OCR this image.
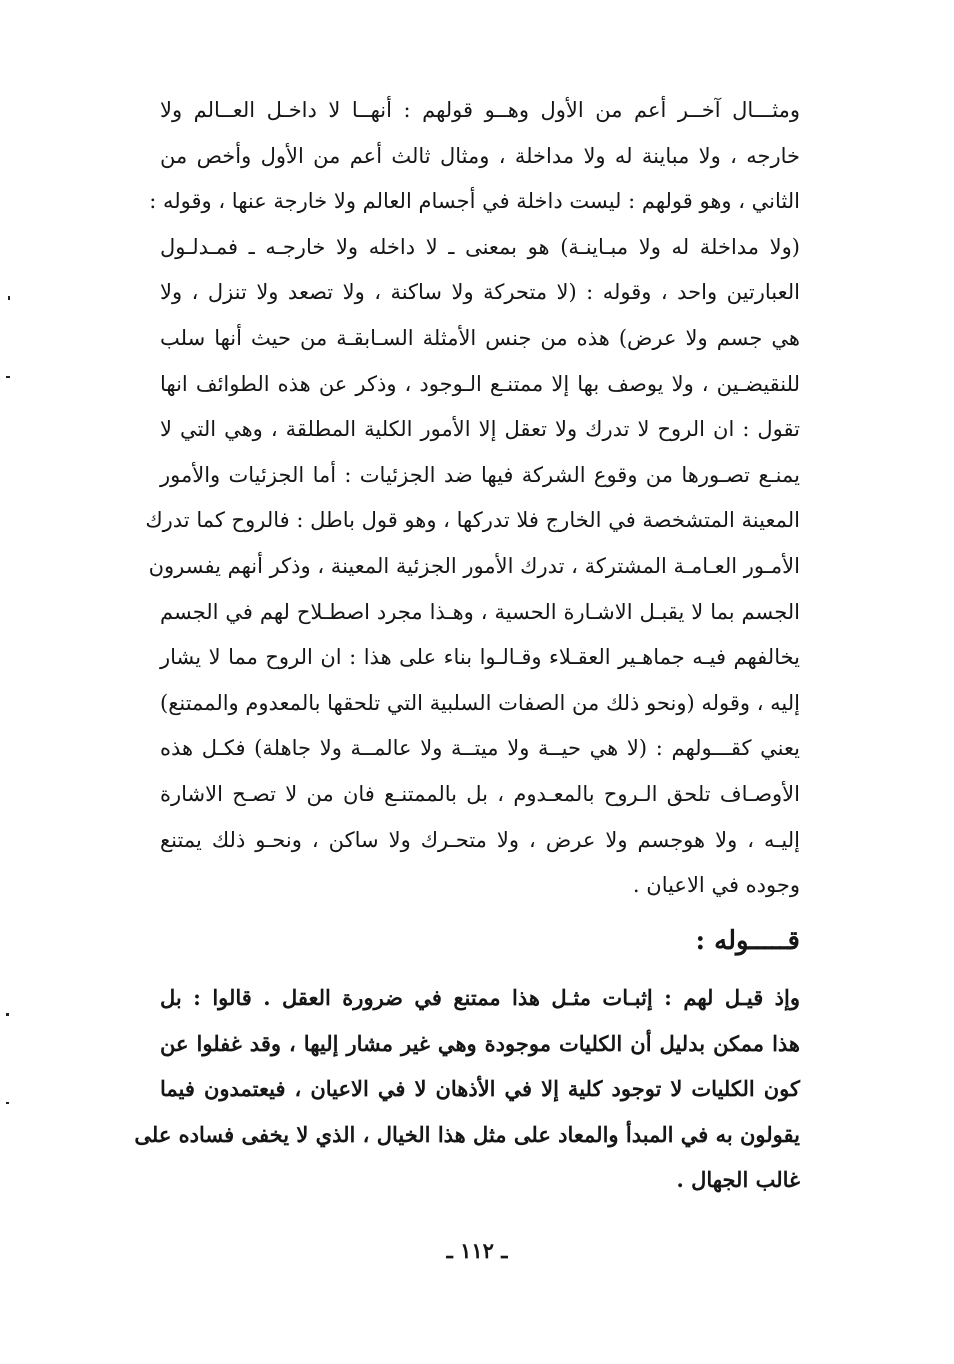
ومثـــال آخــر أعم من الأول وهــو قولهم : أنهــا لا داخـل العــالم ولا
خارجه ، ولا مباينة له ولا مداخلة ، ومثال ثالث أعم من الأول وأخص من
الثاني ، وهو قولهم : ليست داخلة في أجسام العالم ولا خارجة عنها ، وقوله :
(ولا مداخلة له ولا مبـاينـة) هو بمعنى ـ لا داخله ولا خارجـه ـ فمـدلـول
العبارتين واحد ، وقوله : (لا متحركة ولا ساكنة ، ولا تصعد ولا تنزل ، ولا
هي جسم ولا عرض) هذه من جنس الأمثلة السـابقـة من حيث أنها سلب
للنقيضـين ، ولا يوصف بها إلا ممتنـع الـوجود ، وذكر عن هذه الطوائف انها
تقول : ان الروح لا تدرك ولا تعقل إلا الأمور الكلية المطلقة ، وهي التي لا
يمنـع تصـورها من وقوع الشركة فيها ضد الجزئيات : أما الجزئيات والأمور
المعينة المتشخصة في الخارج فلا تدركها ، وهو قول باطل : فالروح كما تدرك
الأمـور العـامـة المشتركة ، تدرك الأمور الجزئية المعينة ، وذكر أنهم يفسرون
الجسم بما لا يقبـل الاشـارة الحسية ، وهـذا مجرد اصطـلاح لهم في الجسم
يخالفهم فيـه جماهـير العقـلاء وقـالـوا بناء على هذا : ان الروح مما لا يشار
إليه ، وقوله (ونحو ذلك من الصفات السلبية التي تلحقها بالمعدوم والممتنع)
يعني كقـــولهم : (لا هي حيــة ولا ميتــة ولا عالمــة ولا جاهلة) فكـل هذه
الأوصـاف تلحق الـروح بالمعـدوم ، بل بالممتنـع فان من لا تصـح الاشارة
إليـه ، ولا هوجسم ولا عرض ، ولا متحـرك ولا ساكن ، ونحـو ذلك يمتنع
وجوده في الاعيان .
قـــــوله :
وإذ قيـل لهم : إثبـات مثـل هذا ممتنع في ضرورة العقل . قالوا : بل
هذا ممكن بدليل أن الكليات موجودة وهي غير مشار إليها ، وقد غفلوا عن
كون الكليات لا توجود كلية إلا في الأذهان لا في الاعيان ، فيعتمدون فيما
يقولون به في المبدأ والمعاد على مثل هذا الخيال ، الذي لا يخفى فساده على
غالب الجهال .
ـ ١١٢ ـ
